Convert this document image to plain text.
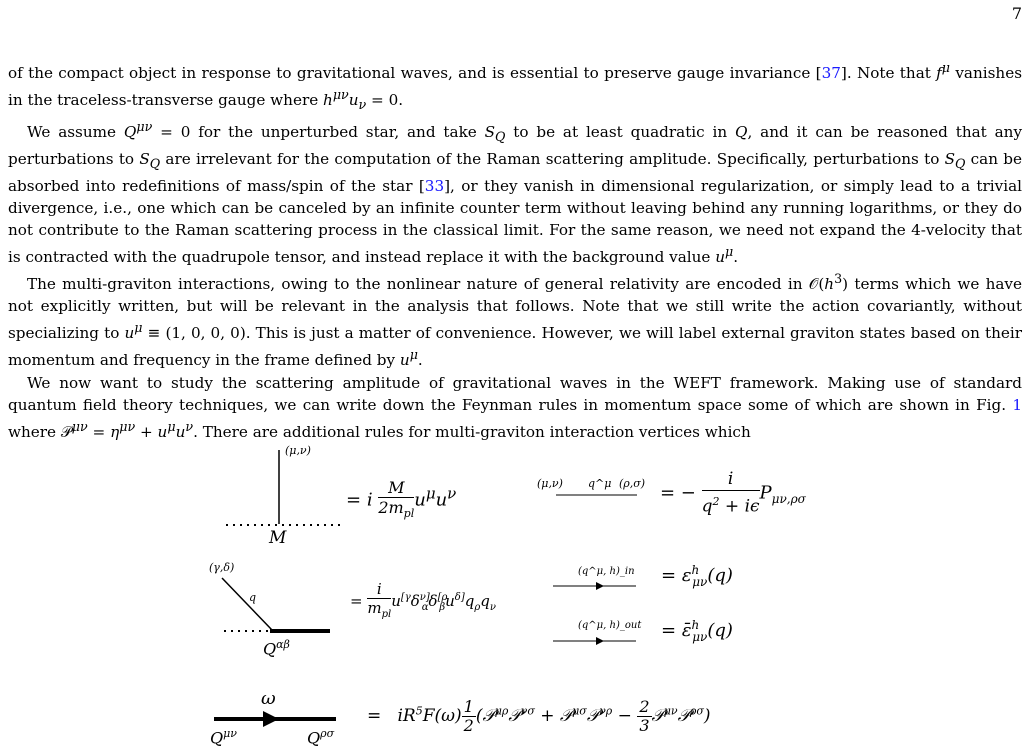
7

of the compact object in response to gravitational waves, and is essential to preserve gauge invariance [37]. Note that $f^\mu$ vanishes in the traceless-transverse gauge where $h^{\mu\nu}u_\nu = 0$.

We assume $Q^{\mu\nu} = 0$ for the unperturbed star, and take $S_Q$ to be at least quadratic in Q, and it can be reasoned that any perturbations to $S_Q$ are irrelevant for the computation of the Raman scattering amplitude. Specifically, perturbations to $S_Q$ can be absorbed into redefinitions of mass/spin of the star [33], or they vanish in dimensional regularization, or simply lead to a trivial divergence, i.e., one which can be canceled by an infinite counter term without leaving behind any running logarithms, or they do not contribute to the Raman scattering process in the classical limit. For the same reason, we need not expand the 4-velocity that is contracted with the quadrupole tensor, and instead replace it with the background value $u^\mu$.

The multi-graviton interactions, owing to the nonlinear nature of general relativity are encoded in $𝒪(h^3)$ terms which we have not explicitly written, but will be relevant in the analysis that follows. Note that we still write the action covariantly, without specializing to $u^\mu \equiv (1$, 0, 0, 0). This is just a matter of convenience. However, we will label external graviton states based on their momentum and frequency in the frame defined by $u^\mu$.

We now want to study the scattering amplitude of gravitational waves in the WEFT framework. Making use of standard quantum field theory techniques, we can write down the Feynman rules in momentum space some of which are shown in Fig. 1 where 𝒫$^{\mu\nu}$ = $\eta^{\mu\nu} + u^\mu u^\nu$. There are additional rules for multi-graviton interaction vertices which

(μ,ν)
M
= i
M
$2m_{pl}$
$u^\mu u^\nu$
(μ,ν) q^μ (ρ,σ) = − $\frac{i}{q^2 + i\epsilon} P_{\mu\nu,\rho\sigma}$
(γ,δ)
q
$Q^{\alpha\beta}$
=
i
$m_{pl}$
$u^{[\gamma}\delta^{\nu]}_\alpha\delta^{[\rho}_\beta u^{\delta]}q_\rho q_\nu$
(q^μ, h)_in = $\varepsilon^h_{\mu\nu}(q)$
(q^μ, h)_out = ε̄$^h_{\mu\nu}$(q)
ω
$Q^{\mu\nu}$	$Q^{\rho\sigma}$
=   $iR^5F(\omega) \frac{1}{2}$ (𝒫$^{\mu\rho}$𝒫$^{\nu\sigma}$ + 𝒫$^{\mu\sigma}$𝒫$^{\nu\rho}$ − $\frac{2}{3}$ 𝒫$^{\mu\nu}$𝒫$^{\rho\sigma}$)
